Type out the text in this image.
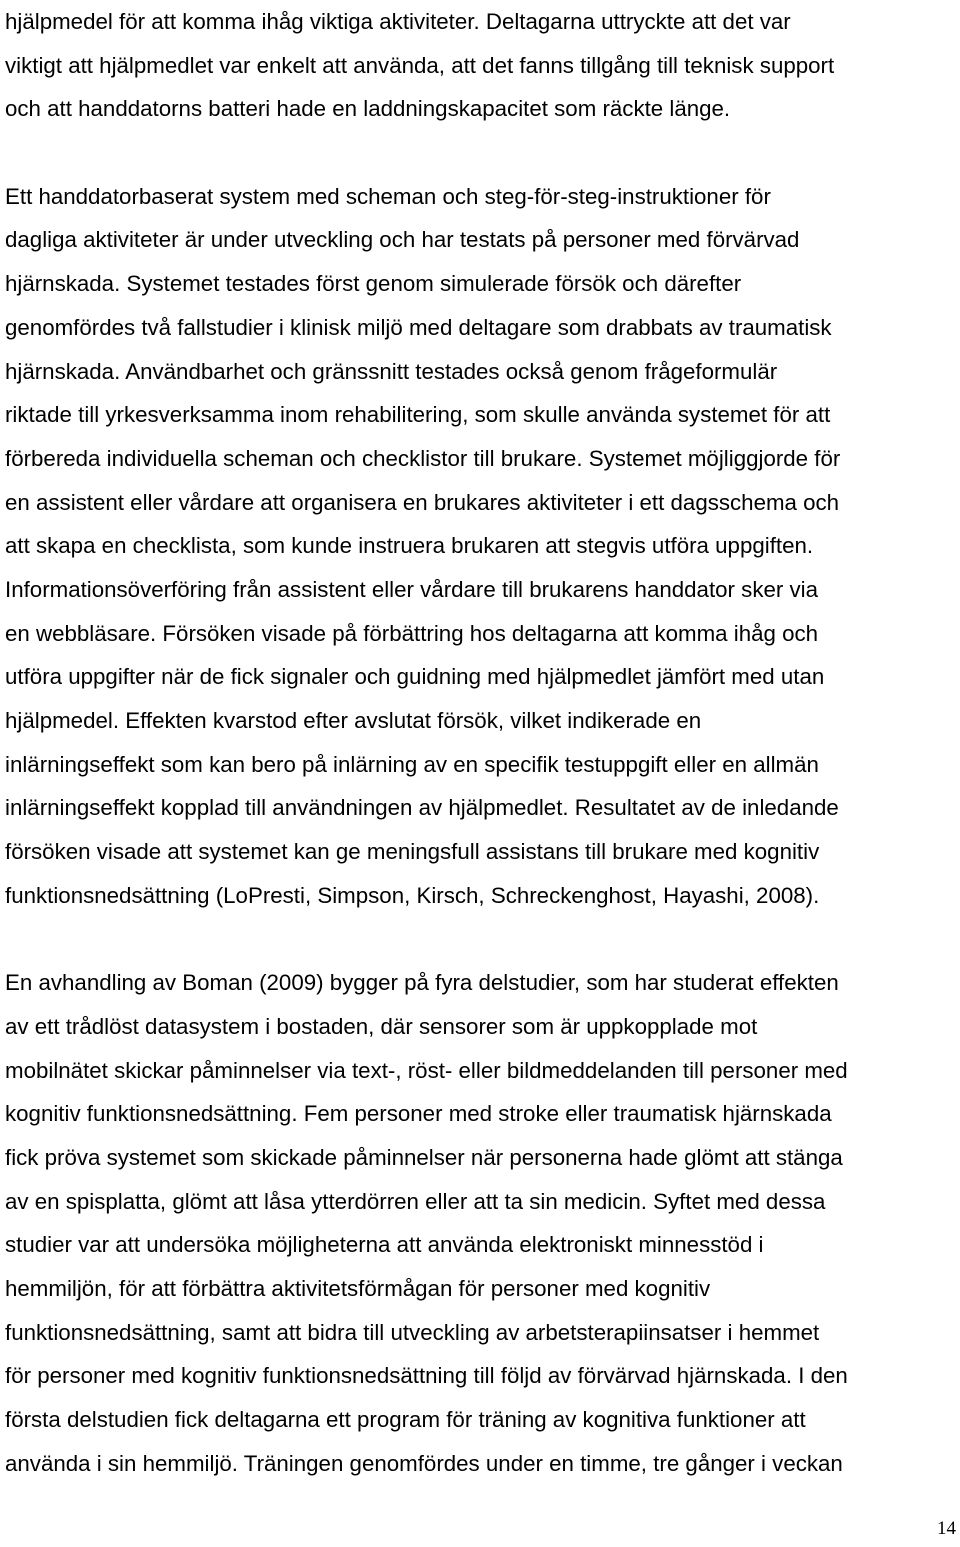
hjälpmedel för att komma ihåg viktiga aktiviteter. Deltagarna uttryckte att det var
viktigt att hjälpmedlet var enkelt att använda, att det fanns tillgång till teknisk support
och att handdatorns batteri hade en laddningskapacitet som räckte länge.
Ett handdatorbaserat system med scheman och steg-för-steg-instruktioner för
dagliga aktiviteter är under utveckling och har testats på personer med förvärvad
hjärnskada. Systemet testades först genom simulerade försök och därefter
genomfördes två fallstudier i klinisk miljö med deltagare som drabbats av traumatisk
hjärnskada. Användbarhet och gränssnitt testades också genom frågeformulär
riktade till yrkesverksamma inom rehabilitering, som skulle använda systemet för att
förbereda individuella scheman och checklistor till brukare. Systemet möjliggjorde för
en assistent eller vårdare att organisera en brukares aktiviteter i ett dagsschema och
att skapa en checklista, som kunde instruera brukaren att stegvis utföra uppgiften.
Informationsöverföring från assistent eller vårdare till brukarens handdator sker via
en webbläsare. Försöken visade på förbättring hos deltagarna att komma ihåg och
utföra uppgifter när de fick signaler och guidning med hjälpmedlet jämfört med utan
hjälpmedel. Effekten kvarstod efter avslutat försök, vilket indikerade en
inlärningseffekt som kan bero på inlärning av en specifik testuppgift eller en allmän
inlärningseffekt kopplad till användningen av hjälpmedlet. Resultatet av de inledande
försöken visade att systemet kan ge meningsfull assistans till brukare med kognitiv
funktionsnedsättning (LoPresti, Simpson, Kirsch, Schreckenghost, Hayashi, 2008).
En avhandling av Boman (2009) bygger på fyra delstudier, som har studerat effekten
av ett trådlöst datasystem i bostaden, där sensorer som är uppkopplade mot
mobilnätet skickar påminnelser via text-, röst- eller bildmeddelanden till personer med
kognitiv funktionsnedsättning. Fem personer med stroke eller traumatisk hjärnskada
fick pröva systemet som skickade påminnelser när personerna hade glömt att stänga
av en spisplatta, glömt att låsa ytterdörren eller att ta sin medicin. Syftet med dessa
studier var att undersöka möjligheterna att använda elektroniskt minnesstöd i
hemmiljön, för att förbättra aktivitetsförmågan för personer med kognitiv
funktionsnedsättning, samt att bidra till utveckling av arbetsterapiinsatser i hemmet
för personer med kognitiv funktionsnedsättning till följd av förvärvad hjärnskada. I den
första delstudien fick deltagarna ett program för träning av kognitiva funktioner att
använda i sin hemmiljö. Träningen genomfördes under en timme, tre gånger i veckan
14
